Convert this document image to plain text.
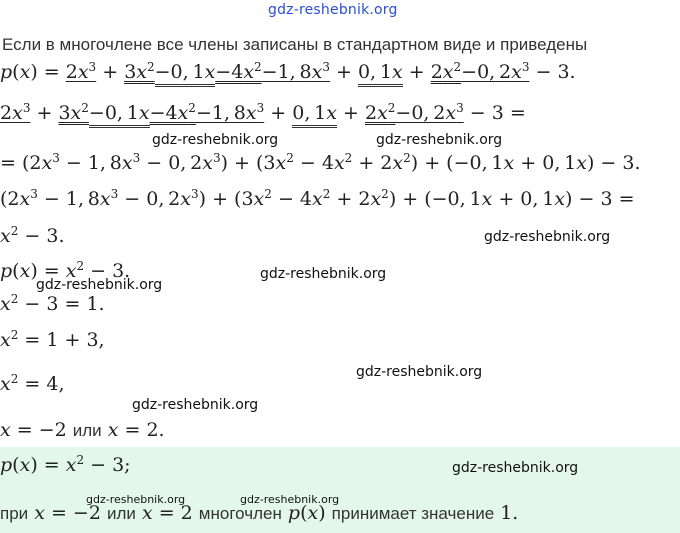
gdz-reshebnik.org
Если в многочлене все члены записаны в стандартном виде и приведены
$p(x) = 2x^3 + 3x^2-0$, $1x-4x^2-1$, $8x^3 + 0$, $1x + 2x^2-0$, $2x^3 - 3$.
$2x^3 + 3x^2-0$, $1x-4x^2-1$, $8x^3 + 0$, $1x + 2x^2-0$, $2x^3 - 3$ =
gdz-reshebnik.org	gdz-reshebnik.org
= ($2x^3 - 1$, $8x^3 - 0$, $2x^3) + (3x^2 - 4x^2 + 2x^2) + (-0$, 1x + 0, 1x) − 3.
($2x^3 - 1$, $8x^3 - 0$, $2x^3) + (3x^2 - 4x^2 + 2x^2) + (-0$, 1x + 0, 1x) − 3 =
$x^2 - 3$.	gdz-reshebnik.org
$p(x) = x^2 - 3$.	gdz-reshebnik.org
gdz-reshebnik.org
$x^2 - 3 = 1$.
$x^2 = 1 + 3$,
gdz-reshebnik.org
$x^2 = 4$,
gdz-reshebnik.org
x = −2 или x = 2.
$p(x) = x^2 - 3$;	gdz-reshebnik.org
gdz-reshebnik.org	gdz-reshebnik.org
при x = −2 или x = 2 многочлен p(x) принимает значение 1.
